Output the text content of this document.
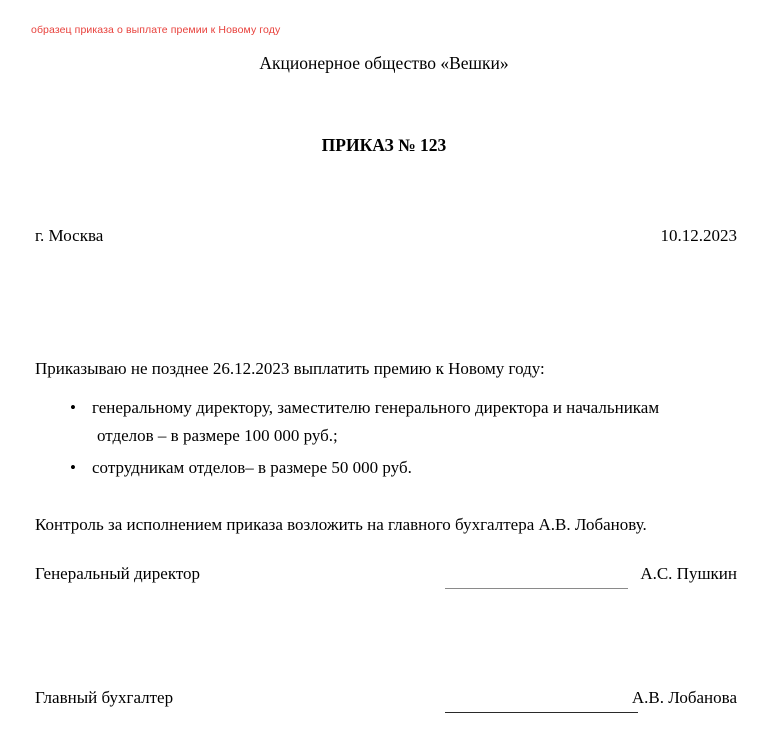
образец приказа о выплате премии к Новому году
Акционерное общество «Вешки»
ПРИКАЗ № 123
г. Москва	10.12.2023
Приказываю не позднее 26.12.2023 выплатить премию к Новому году:
• генеральному директору, заместителю генерального директора и начальникам
отделов – в размере 100 000 руб.;
• сотрудникам отделов– в размере 50 000 руб.
Контроль за исполнением приказа возложить на главного бухгалтера А.В. Лобанову.
Генеральный директор	А.С. Пушкин
Главный бухгалтер	А.В. Лобанова
